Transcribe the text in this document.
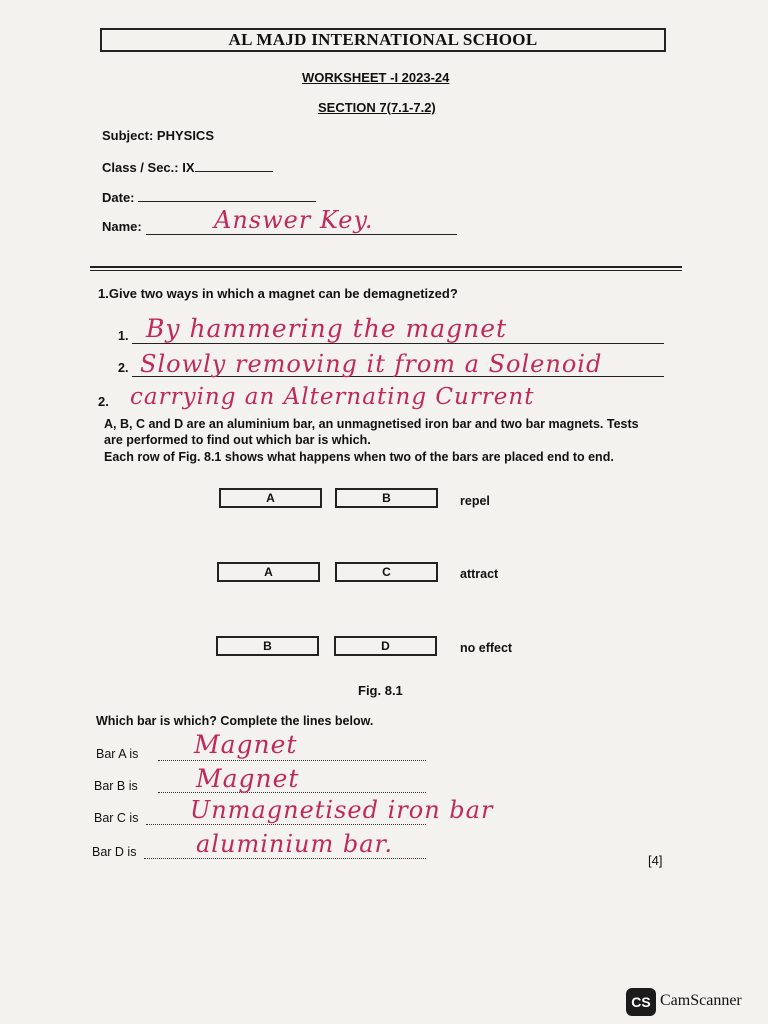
AL MAJD INTERNATIONAL SCHOOL
WORKSHEET -I 2023-24
SECTION 7(7.1-7.2)
Subject: PHYSICS
Class / Sec.: IX
Date:
Name:	Answer Key.
1.Give two ways in which a magnet can be demagnetized?
1. By hammering the magnet
2. Slowly removing it from a Solenoid
2. carrying an Alternating Current
A, B, C and D are an aluminium bar, an unmagnetised iron bar and two bar magnets. Tests
are performed to find out which bar is which.
Each row of Fig. 8.1 shows what happens when two of the bars are placed end to end.
A	B	repel
A	C	attract
B	D	no effect
Fig. 8.1
Which bar is which? Complete the lines below.
Bar A is Magnet
Bar B is Magnet
Bar C is Unmagnetised iron bar
Bar D is aluminium bar.
[4]
CS CamScanner
